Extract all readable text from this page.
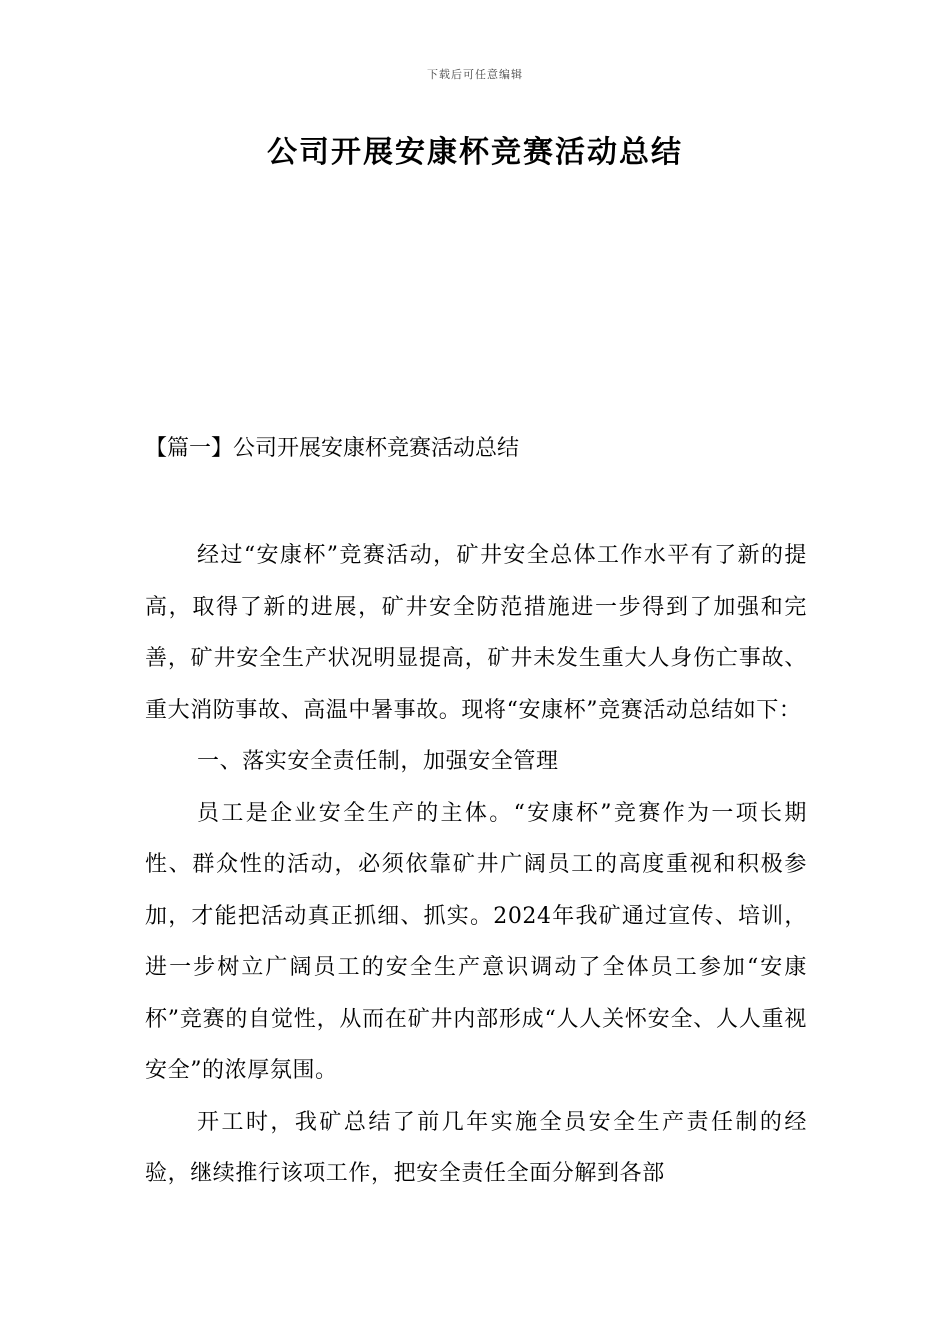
下载后可任意编辑
公司开展安康杯竞赛活动总结
【篇一】公司开展安康杯竞赛活动总结

经过“安康杯”竞赛活动，矿井安全总体工作水平有了新的提高，取得了新的进展，矿井安全防范措施进一步得到了加强和完善，矿井安全生产状况明显提高，矿井未发生重大人身伤亡事故、重大消防事故、高温中暑事故。现将“安康杯”竞赛活动总结如下：

一、落实安全责任制，加强安全管理

员工是企业安全生产的主体。“安康杯”竞赛作为一项长期性、群众性的活动，必须依靠矿井广阔员工的高度重视和积极参加，才能把活动真正抓细、抓实。2024年我矿通过宣传、培训，进一步树立广阔员工的安全生产意识调动了全体员工参加“安康杯”竞赛的自觉性，从而在矿井内部形成“人人关怀安全、人人重视安全”的浓厚氛围。

开工时，我矿总结了前几年实施全员安全生产责任制的经验，继续推行该项工作，把安全责任全面分解到各部
